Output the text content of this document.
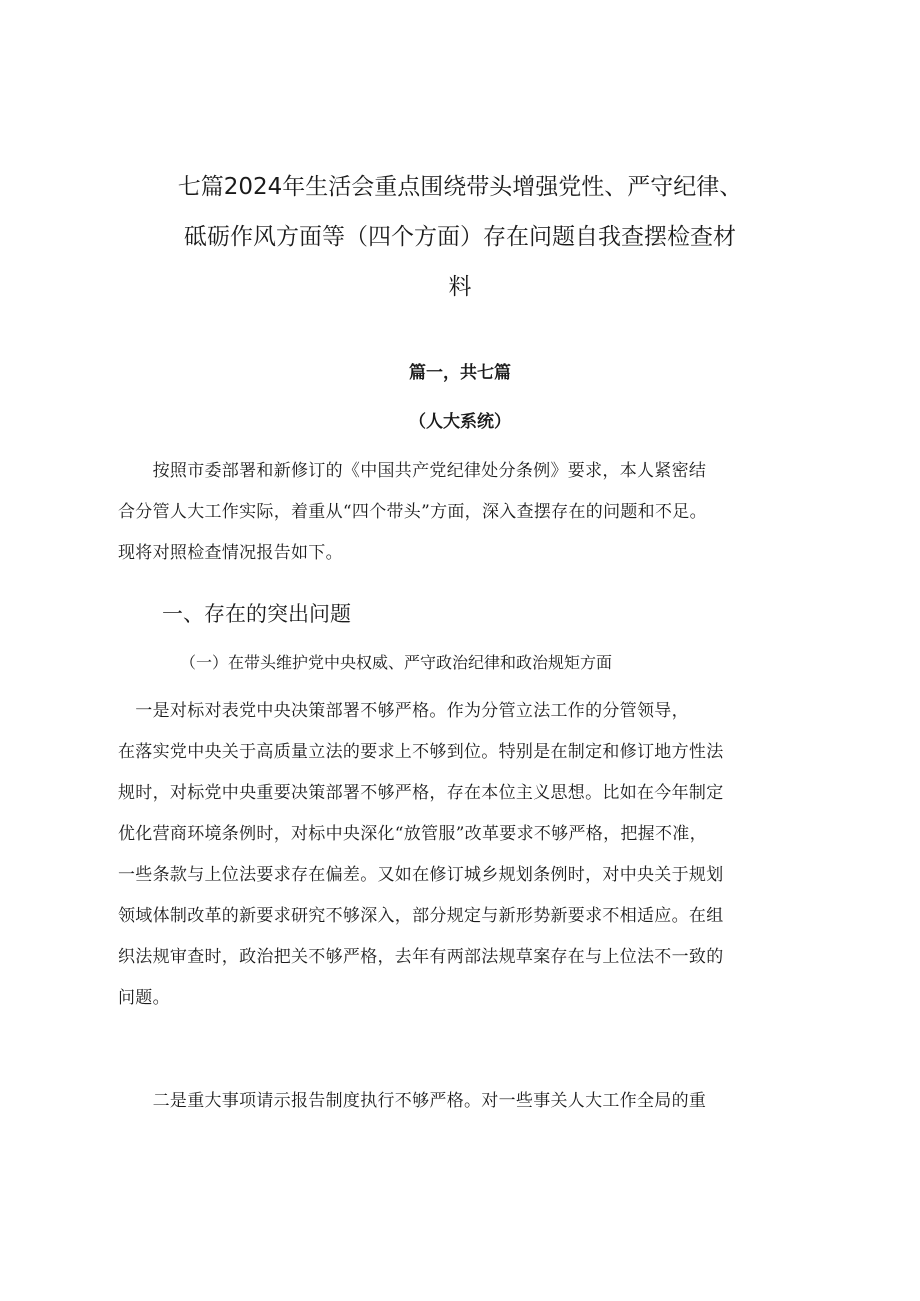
七篇2024年生活会重点围绕带头增强党性、严守纪律、
砥砺作风方面等（四个方面）存在问题自我查摆检查材
料
篇一，共七篇
（人大系统）
　　按照市委部署和新修订的《中国共产党纪律处分条例》要求，本人紧密结
合分管人大工作实际，着重从“四个带头”方面，深入查摆存在的问题和不足。
现将对照检查情况报告如下。
一、存在的突出问题
（一）在带头维护党中央权威、严守政治纪律和政治规矩方面
　一是对标对表党中央决策部署不够严格。作为分管立法工作的分管领导，
在落实党中央关于高质量立法的要求上不够到位。特别是在制定和修订地方性法
规时，对标党中央重要决策部署不够严格，存在本位主义思想。比如在今年制定
优化营商环境条例时，对标中央深化“放管服”改革要求不够严格，把握不准，
一些条款与上位法要求存在偏差。又如在修订城乡规划条例时，对中央关于规划
领域体制改革的新要求研究不够深入，部分规定与新形势新要求不相适应。在组
织法规审查时，政治把关不够严格，去年有两部法规草案存在与上位法不一致的
问题。
　　二是重大事项请示报告制度执行不够严格。对一些事关人大工作全局的重
